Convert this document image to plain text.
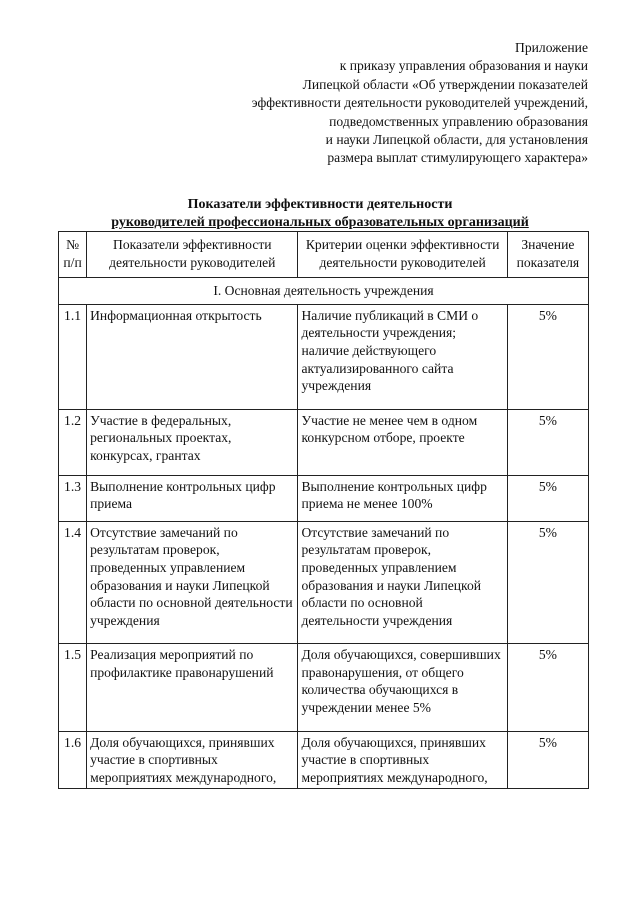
Приложение
к приказу управления образования и науки
Липецкой области «Об утверждении показателей
эффективности деятельности руководителей учреждений,
подведомственных управлению образования
и науки Липецкой области, для установления
размера выплат стимулирующего характера»
Показатели эффективности деятельности
руководителей профессиональных образовательных организаций
№ п/п	Показатели эффективности деятельности руководителей	Критерии оценки эффективности деятельности руководителей	Значение показателя
I. Основная деятельность учреждения			
1.1	Информационная открытость	Наличие публикаций в СМИ о деятельности учреждения; наличие действующего актуализированного сайта учреждения	5%
1.2	Участие в федеральных, региональных проектах, конкурсах, грантах	Участие не менее чем в одном конкурсном отборе, проекте	5%
1.3	Выполнение контрольных цифр приема	Выполнение контрольных цифр приема не менее 100%	5%
1.4	Отсутствие замечаний по результатам проверок, проведенных управлением образования и науки Липецкой области по основной деятельности учреждения	Отсутствие замечаний по результатам проверок, проведенных управлением образования и науки Липецкой области по основной деятельности учреждения	5%
1.5	Реализация мероприятий по профилактике правонарушений	Доля обучающихся, совершивших правонарушения, от общего количества обучающихся в учреждении менее 5%	5%
1.6	Доля обучающихся, принявших участие в спортивных мероприятиях международного,	Доля обучающихся, принявших участие в спортивных мероприятиях международного,	5%
